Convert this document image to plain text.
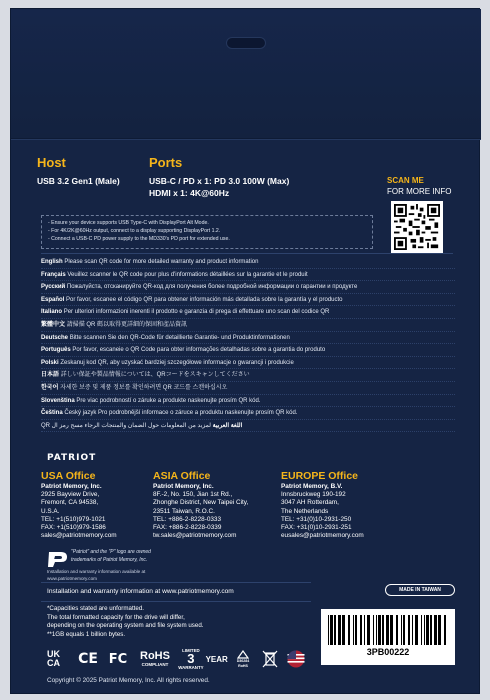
Host
USB 3.2 Gen1 (Male)
Ports
USB-C / PD x 1: PD 3.0 100W (Max)
HDMI x 1: 4K@60Hz
SCAN ME
FOR MORE INFO
- Ensure your device supports USB Type-C with DisplayPort Alt Mode.
- For 4K/2K@60Hz output, connect to a display supporting DisplayPort 1.2.
- Connect a USB-C PD power supply to the MD330's PD port for extended use.
English Please scan QR code for more detailed warranty and product information
Français Veuillez scanner le QR code pour plus d'informations détaillées sur la garantie et le produit
Русский Пожалуйста, отсканируйте QR-код для получения более подробной информации о гарантии и продукте
Español Por favor, escanee el código QR para obtener información más detallada sobre la garantía y el producto
Italiano Per ulteriori informazioni inerenti il prodotto e garanzia di prega di effettuare uno scan del codice QR
繁體中文 請掃描 QR 碼以取得更詳細的保固和產品資訊
Deutsche Bitte scannen Sie den QR-Code für detaillierte Garantie- und Produktinformationen
Português Por favor, escaneie o QR Code para obter informações detalhadas sobre a garantia do produto
Polski Zeskanuj kod QR, aby uzyskać bardziej szczegółowe informacje o gwarancji i produkcie
日本語 詳しい保証や製品情報については、QRコードをスキャンしてください
한국어 자세한 보증 및 제품 정보를 확인하려면 QR 코드를 스캔하십시오
Slovenština Pre viac podrobností o záruke a produkte naskenujte prosím QR kód.
Čeština Český jazyk Pro podrobnější informace o záruce a produktu naskenujte prosím QR kód.
اللغة العربية لمزيد من المعلومات حول الضمان والمنتجات الرجاء مسح رمز ال QR
PATRIOT
USA Office
Patriot Memory, Inc.
2925 Bayview Drive,
Fremont, CA 94538,
U.S.A.
TEL: +1(510)979-1021
FAX: +1(510)979-1586
sales@patriotmemory.com
ASIA Office
Patriot Memory, Inc.
8F.-2, No. 150, Jian 1st Rd.,
Zhonghe District, New Taipei City,
23511 Taiwan, R.O.C.
TEL: +886-2-8228-0333
FAX: +886-2-8228-0339
tw.sales@patriotmemory.com
EUROPE Office
Patriot Memory, B.V.
Innsbruckweg 190-192
3047 AH Rotterdam,
The Netherlands
TEL: +31(0)10-2931-250
FAX: +31(0)10-2931-251
eusales@patriotmemory.com
"Patriot" and the "P" logo are owned
trademarks of Patriot Memory, Inc.
Installation and warranty information available at
www.patriotmemory.com
Installation and warranty information at www.patriotmemory.com	MADE IN TAIWAN
*Capacities stated are unformatted.
The total formatted capacity for the drive will differ,
depending on the operating system and file system used.
**1GB equals 1 billion bytes.
3PB00222
UK CA	CE FC	RoHS
COMPLIANT
LIMITED
3
WARRANTY
YEAR D36284
RoHS
Copyright © 2025 Patriot Memory, Inc. All rights reserved.
